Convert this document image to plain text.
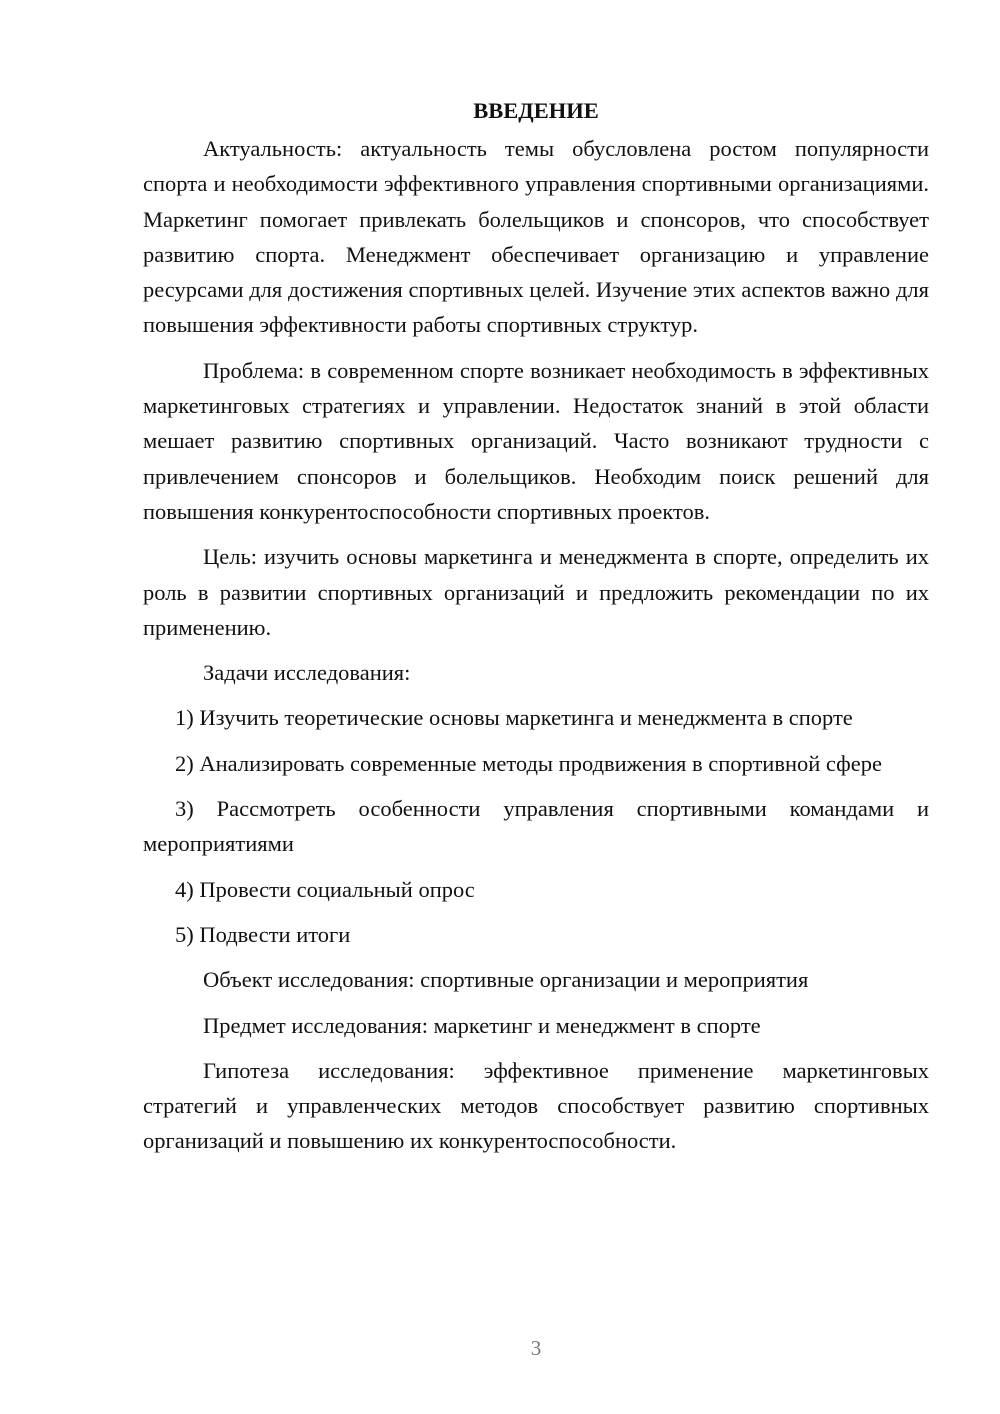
ВВЕДЕНИЕ

Актуальность: актуальность темы обусловлена ростом популярности спорта и необходимости эффективного управления спортивными организациями. Маркетинг помогает привлекать болельщиков и спонсоров, что способствует развитию спорта. Менеджмент обеспечивает организацию и управление ресурсами для достижения спортивных целей. Изучение этих аспектов важно для повышения эффективности работы спортивных структур.

Проблема: в современном спорте возникает необходимость в эффективных маркетинговых стратегиях и управлении. Недостаток знаний в этой области мешает развитию спортивных организаций. Часто возникают трудности с привлечением спонсоров и болельщиков. Необходим поиск решений для повышения конкурентоспособности спортивных проектов.

Цель: изучить основы маркетинга и менеджмента в спорте, определить их роль в развитии спортивных организаций и предложить рекомендации по их применению.

Задачи исследования:

1) Изучить теоретические основы маркетинга и менеджмента в спорте

2) Анализировать современные методы продвижения в спортивной сфере

3) Рассмотреть особенности управления спортивными командами и мероприятиями

4) Провести социальный опрос

5) Подвести итоги

Объект исследования: спортивные организации и мероприятия

Предмет исследования: маркетинг и менеджмент в спорте

Гипотеза исследования: эффективное применение маркетинговых стратегий и управленческих методов способствует развитию спортивных организаций и повышению их конкурентоспособности.

3
